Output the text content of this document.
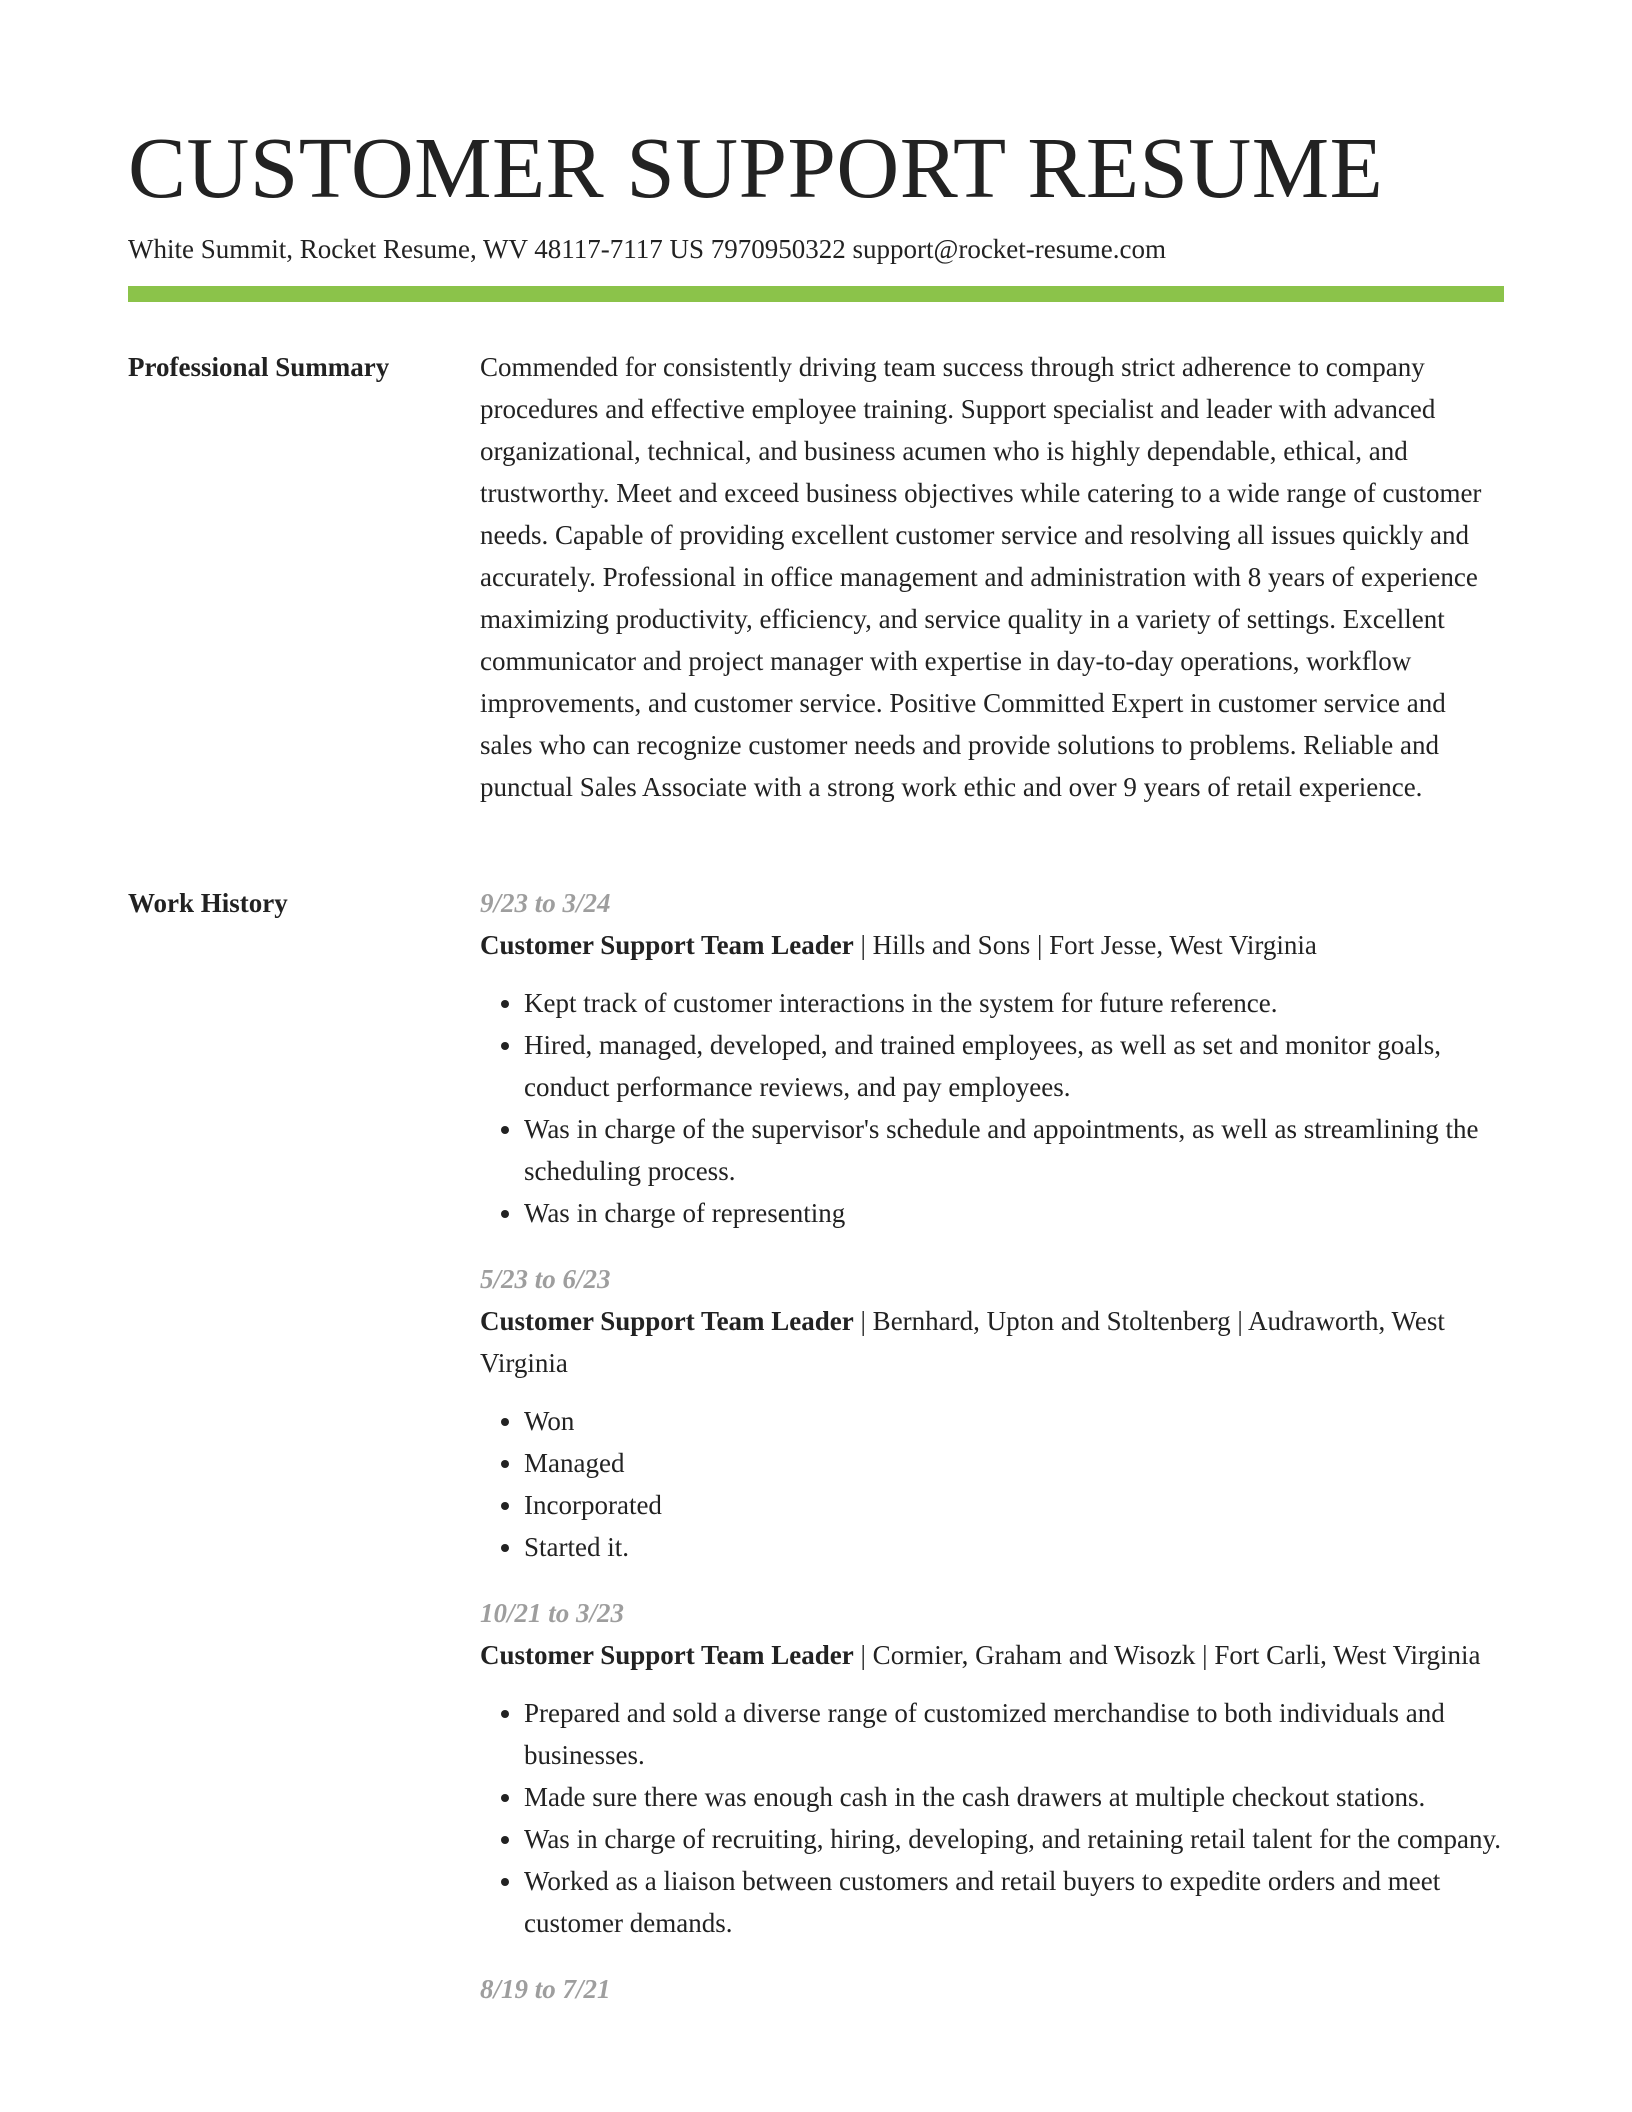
CUSTOMER SUPPORT RESUME
White Summit, Rocket Resume, WV 48117-7117 US 7970950322 support@rocket-resume.com
Professional Summary	Commended for consistently driving team success through strict adherence to company procedures and effective employee training. Support specialist and leader with advanced organizational, technical, and business acumen who is highly dependable, ethical, and trustworthy. Meet and exceed business objectives while catering to a wide range of customer needs. Capable of providing excellent customer service and resolving all issues quickly and accurately. Professional in office management and administration with 8 years of experience maximizing productivity, efficiency, and service quality in a variety of settings. Excellent communicator and project manager with expertise in day-to-day operations, workflow improvements, and customer service. Positive Committed Expert in customer service and sales who can recognize customer needs and provide solutions to problems. Reliable and punctual Sales Associate with a strong work ethic and over 9 years of retail experience.

Work History	9/23 to 3/24
Customer Support Team Leader | Hills and Sons | Fort Jesse, West Virginia
• Kept track of customer interactions in the system for future reference.
• Hired, managed, developed, and trained employees, as well as set and monitor goals, conduct performance reviews, and pay employees.
• Was in charge of the supervisor's schedule and appointments, as well as streamlining the scheduling process.
• Was in charge of representing
5/23 to 6/23
Customer Support Team Leader | Bernhard, Upton and Stoltenberg | Audraworth, West Virginia
• Won
• Managed
• Incorporated
• Started it.
10/21 to 3/23
Customer Support Team Leader | Cormier, Graham and Wisozk | Fort Carli, West Virginia
• Prepared and sold a diverse range of customized merchandise to both individuals and businesses.
• Made sure there was enough cash in the cash drawers at multiple checkout stations.
• Was in charge of recruiting, hiring, developing, and retaining retail talent for the company.
• Worked as a liaison between customers and retail buyers to expedite orders and meet customer demands.
8/19 to 7/21
